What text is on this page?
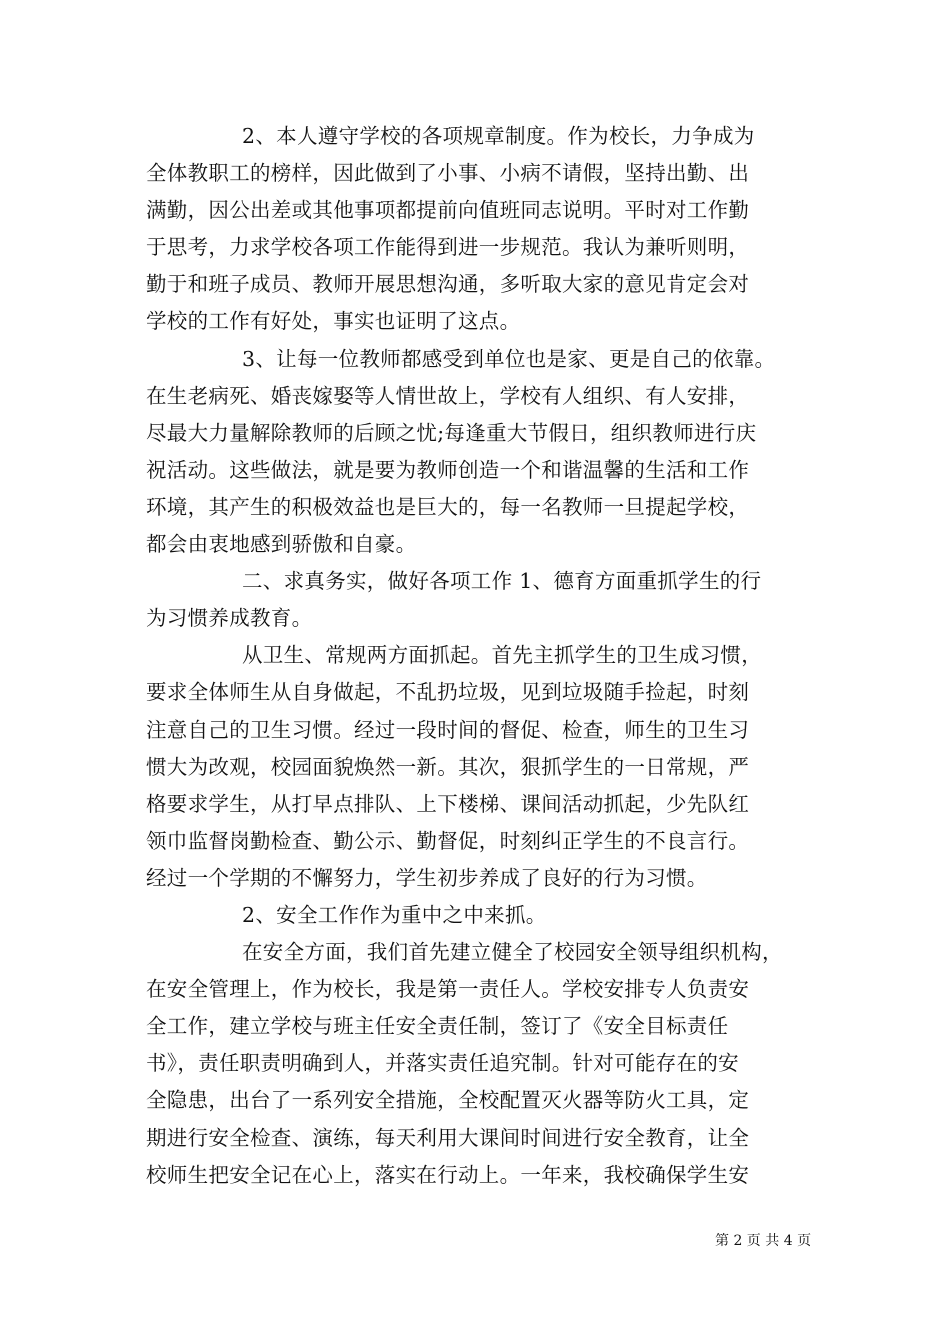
2、本人遵守学校的各项规章制度。作为校长，力争成为
全体教职工的榜样，因此做到了小事、小病不请假，坚持出勤、出
满勤，因公出差或其他事项都提前向值班同志说明。平时对工作勤
于思考，力求学校各项工作能得到进一步规范。我认为兼听则明，
勤于和班子成员、教师开展思想沟通，多听取大家的意见肯定会对
学校的工作有好处，事实也证明了这点。
3、让每一位教师都感受到单位也是家、更是自己的依靠。
在生老病死、婚丧嫁娶等人情世故上，学校有人组织、有人安排，
尽最大力量解除教师的后顾之忧;每逢重大节假日，组织教师进行庆
祝活动。这些做法，就是要为教师创造一个和谐温馨的生活和工作
环境，其产生的积极效益也是巨大的，每一名教师一旦提起学校，
都会由衷地感到骄傲和自豪。
二、求真务实，做好各项工作 1、德育方面重抓学生的行
为习惯养成教育。
从卫生、常规两方面抓起。首先主抓学生的卫生成习惯，
要求全体师生从自身做起，不乱扔垃圾，见到垃圾随手捡起，时刻
注意自己的卫生习惯。经过一段时间的督促、检查，师生的卫生习
惯大为改观，校园面貌焕然一新。其次，狠抓学生的一日常规，严
格要求学生，从打早点排队、上下楼梯、课间活动抓起，少先队红
领巾监督岗勤检查、勤公示、勤督促，时刻纠正学生的不良言行。
经过一个学期的不懈努力，学生初步养成了良好的行为习惯。
2、安全工作作为重中之中来抓。
在安全方面，我们首先建立健全了校园安全领导组织机构，
在安全管理上，作为校长，我是第一责任人。学校安排专人负责安
全工作，建立学校与班主任安全责任制，签订了《安全目标责任
书》，责任职责明确到人，并落实责任追究制。针对可能存在的安
全隐患，出台了一系列安全措施，全校配置灭火器等防火工具，定
期进行安全检查、演练，每天利用大课间时间进行安全教育，让全
校师生把安全记在心上，落实在行动上。一年来，我校确保学生安
第 2 页 共 4 页
